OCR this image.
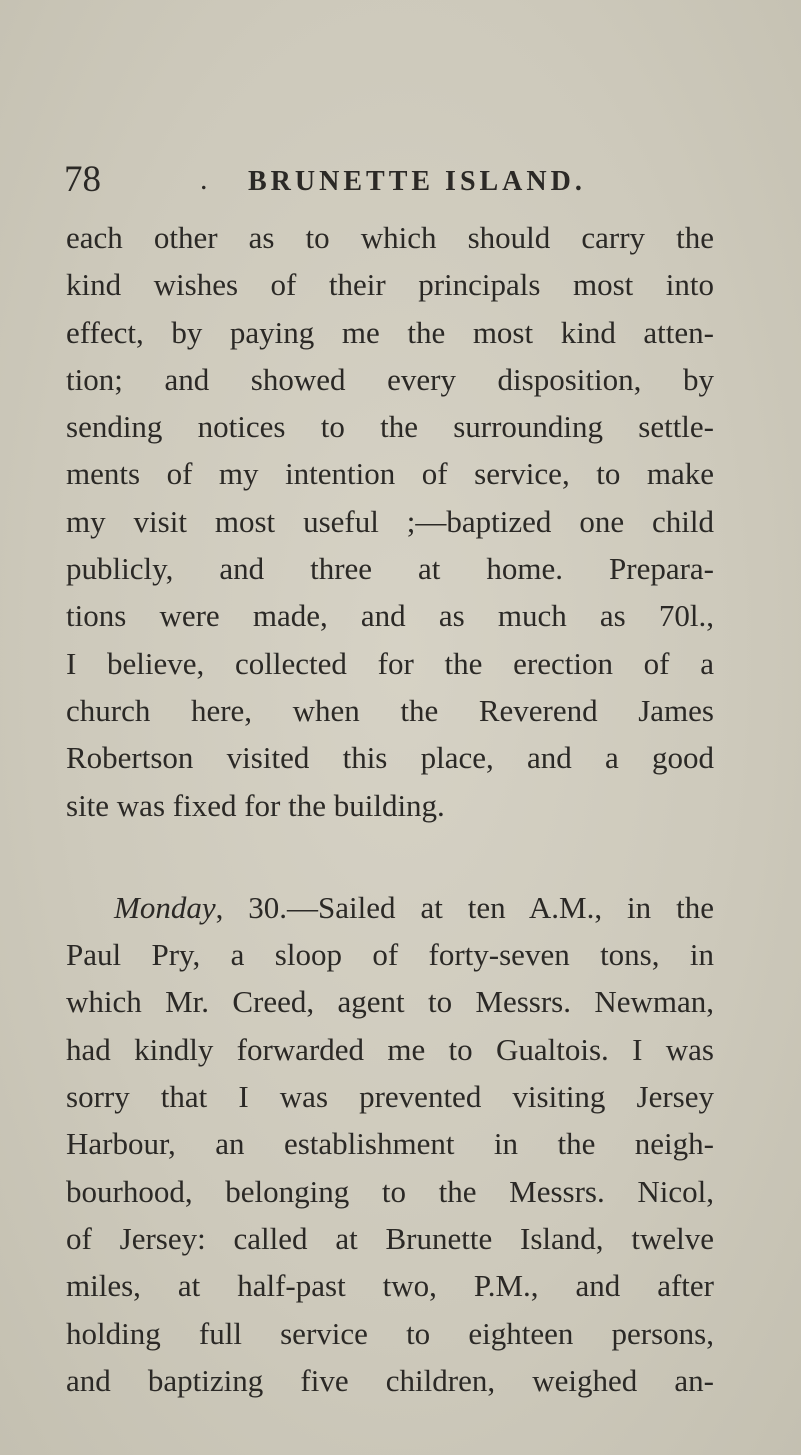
78	. BRUNETTE ISLAND.
each other as to which should carry the
kind wishes of their principals most into
effect, by paying me the most kind atten-
tion; and showed every disposition, by
sending notices to the surrounding settle-
ments of my intention of service, to make
my visit most useful ;—baptized one child
publicly, and three at home. Prepara-
tions were made, and as much as 70l.,
I believe, collected for the erection of a
church here, when the Reverend James
Robertson visited this place, and a good
site was fixed for the building.
Monday, 30.—Sailed at ten A.M., in the
Paul Pry, a sloop of forty-seven tons, in
which Mr. Creed, agent to Messrs. Newman,
had kindly forwarded me to Gualtois. I was
sorry that I was prevented visiting Jersey
Harbour, an establishment in the neigh-
bourhood, belonging to the Messrs. Nicol,
of Jersey: called at Brunette Island, twelve
miles, at half-past two, P.M., and after
holding full service to eighteen persons,
and baptizing five children, weighed an-
